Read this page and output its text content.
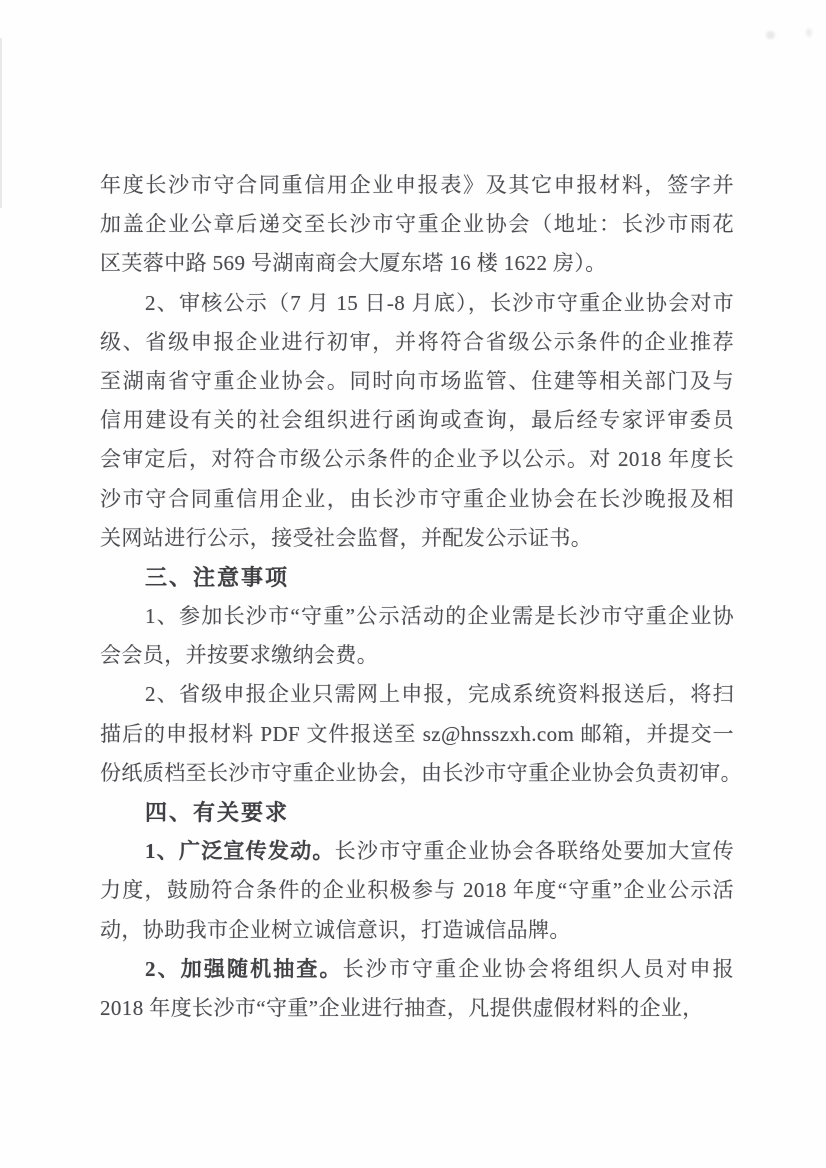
年度长沙市守合同重信用企业申报表》及其它申报材料，签字并
加盖企业公章后递交至长沙市守重企业协会（地址：长沙市雨花
区芙蓉中路 569 号湖南商会大厦东塔 16 楼 1622 房）。
2、审核公示（7 月 15 日-8 月底），长沙市守重企业协会对市
级、省级申报企业进行初审，并将符合省级公示条件的企业推荐
至湖南省守重企业协会。同时向市场监管、住建等相关部门及与
信用建设有关的社会组织进行函询或查询，最后经专家评审委员
会审定后，对符合市级公示条件的企业予以公示。对 2018 年度长
沙市守合同重信用企业，由长沙市守重企业协会在长沙晚报及相
关网站进行公示，接受社会监督，并配发公示证书。
三、注意事项
1、参加长沙市“守重”公示活动的企业需是长沙市守重企业协
会会员，并按要求缴纳会费。
2、省级申报企业只需网上申报，完成系统资料报送后，将扫
描后的申报材料 PDF 文件报送至 sz@hnsszxh.com 邮箱，并提交一
份纸质档至长沙市守重企业协会，由长沙市守重企业协会负责初审。
四、有关要求
1、广泛宣传发动。长沙市守重企业协会各联络处要加大宣传
力度，鼓励符合条件的企业积极参与 2018 年度“守重”企业公示活
动，协助我市企业树立诚信意识，打造诚信品牌。
2、加强随机抽查。长沙市守重企业协会将组织人员对申报
2018 年度长沙市“守重”企业进行抽查，凡提供虚假材料的企业，
